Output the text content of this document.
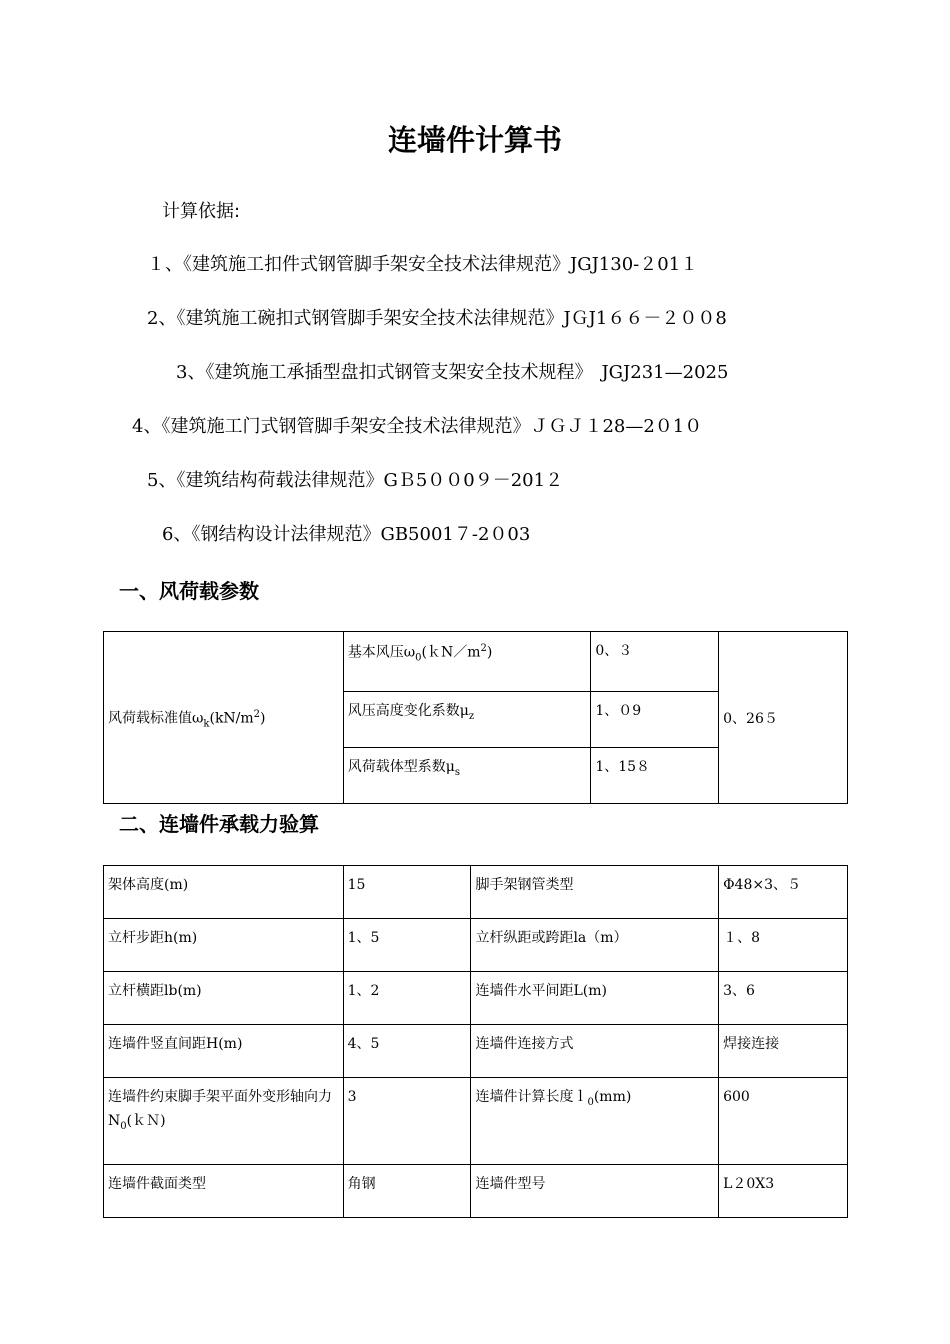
连墙件计算书
计算依据:
１、《建筑施工扣件式钢管脚手架安全技术法律规范》JGJ130-２01１
2、《建筑施工碗扣式钢管脚手架安全技术法律规范》JＧJ1６６－２００8
3、《建筑施工承插型盘扣式钢管支架安全技术规程》　JGJ231—2025
4、《建筑施工门式钢管脚手架安全技术法律规范》ＪＧＪ１28—2０1０
5、《建筑结构荷载法律规范》GＢ5００0９－201２
6、《钢结构设计法律规范》GB5001７-2０03
一、风荷载参数
风荷载标准值$\omega_k(kN/m^2)$	基本风压$\omega_0(kN/m^2)$	0、３	0、26５
	风压高度变化系数$\mu_z$	1、０9	
	风荷载体型系数$\mu_s$	1、15８	
二、连墙件承载力验算
架体高度(m)	15	脚手架钢管类型	Φ48×3、５
立杆步距h(m)	1、5	立杆纵距或跨距la（m）	１、8
立杆横距lb(m)	1、2	连墙件水平间距L(m)	3、6
连墙件竖直间距H(m)	4、5	连墙件连接方式	焊接连接
连墙件约束脚手架平面外变形轴向力$N_0(kN)$	3	连墙件计算长度ｌ$_0$(mm)	600
连墙件截面类型	角钢	连墙件型号	L２0X3
